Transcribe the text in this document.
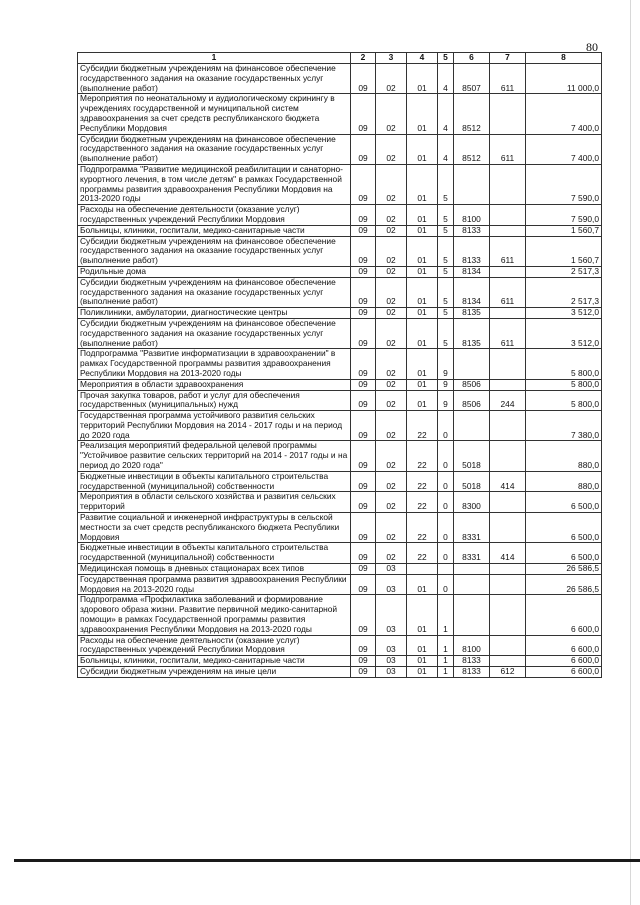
80
1	2	3	4	5	6	7	8
Субсидии бюджетным учреждениям на финансовое обеспечение государственного задания на оказание государственных услуг (выполнение работ)	09	02	01	4	8507	611	11 000,0
Мероприятия по неонатальному и аудиологическому скринингу в учреждениях государственной и муниципальной систем здравоохранения за счет средств республиканского бюджета Республики Мордовия	09	02	01	4	8512		7 400,0
Субсидии бюджетным учреждениям на финансовое обеспечение государственного задания на оказание государственных услуг (выполнение работ)	09	02	01	4	8512	611	7 400,0
Подпрограмма "Развитие медицинской реабилитации и санаторно-курортного лечения, в том числе детям" в рамках Государственной программы развития здравоохранения Республики Мордовия на 2013-2020 годы	09	02	01	5			7 590,0
Расходы на обеспечение деятельности (оказание услуг) государственных учреждений Республики Мордовия	09	02	01	5	8100		7 590,0
Больницы, клиники, госпитали, медико-санитарные части	09	02	01	5	8133		1 560,7
Субсидии бюджетным учреждениям на финансовое обеспечение государственного задания на оказание государственных услуг (выполнение работ)	09	02	01	5	8133	611	1 560,7
Родильные дома	09	02	01	5	8134		2 517,3
Субсидии бюджетным учреждениям на финансовое обеспечение государственного задания на оказание государственных услуг (выполнение работ)	09	02	01	5	8134	611	2 517,3
Поликлиники, амбулатории, диагностические центры	09	02	01	5	8135		3 512,0
Субсидии бюджетным учреждениям на финансовое обеспечение государственного задания на оказание государственных услуг (выполнение работ)	09	02	01	5	8135	611	3 512,0
Подпрограмма "Развитие информатизации в здравоохранении" в рамках Государственной программы развития здравоохранения Республики Мордовия на 2013-2020 годы	09	02	01	9			5 800,0
Мероприятия в области здравоохранения	09	02	01	9	8506		5 800,0
Прочая закупка товаров, работ и услуг для обеспечения государственных (муниципальных) нужд	09	02	01	9	8506	244	5 800,0
Государственная программа устойчивого развития сельских территорий Республики Мордовия на 2014 - 2017 годы и на период до 2020 года	09	02	22	0			7 380,0
Реализация мероприятий федеральной целевой программы "Устойчивое развитие сельских территорий на 2014 - 2017 годы и на период до 2020 года"	09	02	22	0	5018		880,0
Бюджетные инвестиции в объекты капитального строительства государственной (муниципальной) собственности	09	02	22	0	5018	414	880,0
Мероприятия в области сельского хозяйства и развития сельских территорий	09	02	22	0	8300		6 500,0
Развитие социальной и инженерной инфраструктуры в сельской местности за счет средств республиканского бюджета Республики Мордовия	09	02	22	0	8331		6 500,0
Бюджетные инвестиции в объекты капитального строительства государственной (муниципальной) собственности	09	02	22	0	8331	414	6 500,0
Медицинская помощь в дневных стационарах всех типов	09	03					26 586,5
Государственная программа развития здравоохранения Республики Мордовия на 2013-2020 годы	09	03	01	0			26 586,5
Подпрограмма «Профилактика заболеваний и формирование здорового образа жизни. Развитие первичной медико-санитарной помощи» в рамках Государственной программы развития здравоохранения Республики Мордовия на 2013-2020 годы	09	03	01	1			6 600,0
Расходы на обеспечение деятельности (оказание услуг) государственных учреждений Республики Мордовия	09	03	01	1	8100		6 600,0
Больницы, клиники, госпитали, медико-санитарные части	09	03	01	1	8133		6 600,0
Субсидии бюджетным учреждениям на иные цели	09	03	01	1	8133	612	6 600,0
